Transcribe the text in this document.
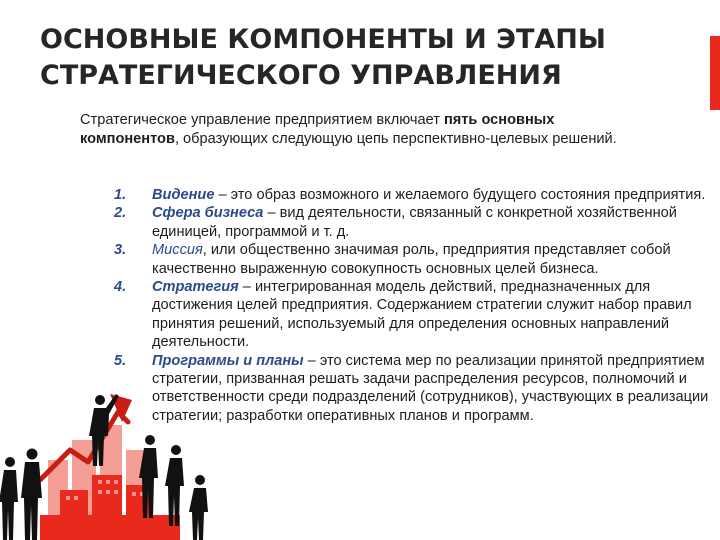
ОСНОВНЫЕ КОМПОНЕНТЫ И ЭТАПЫ
СТРАТЕГИЧЕСКОГО УПРАВЛЕНИЯ
Стратегическое управление предприятием включает пять основных
компонентов, образующих следующую цепь перспективно-целевых решений.
1.	Видение – это образ возможного и желаемого будущего состояния предприятия.
2.	Сфера бизнеса – вид деятельности, связанный с конкретной хозяйственной единицей, программой и т. д.
3.	Миссия, или общественно значимая роль, предприятия представляет собой качественно выраженную совокупность основных целей бизнеса.
4.	Стратегия – интегрированная модель действий, предназначенных для достижения целей предприятия. Содержанием стратегии служит набор правил принятия решений, используемый для определения основных направлений деятельности.
5.	Программы и планы – это система мер по реализации принятой предприятием стратегии, призванная решать задачи распределения ресурсов, полномочий и ответственности среди подразделений (сотрудников), участвующих в реализации стратегии; разработки оперативных планов и программ.
